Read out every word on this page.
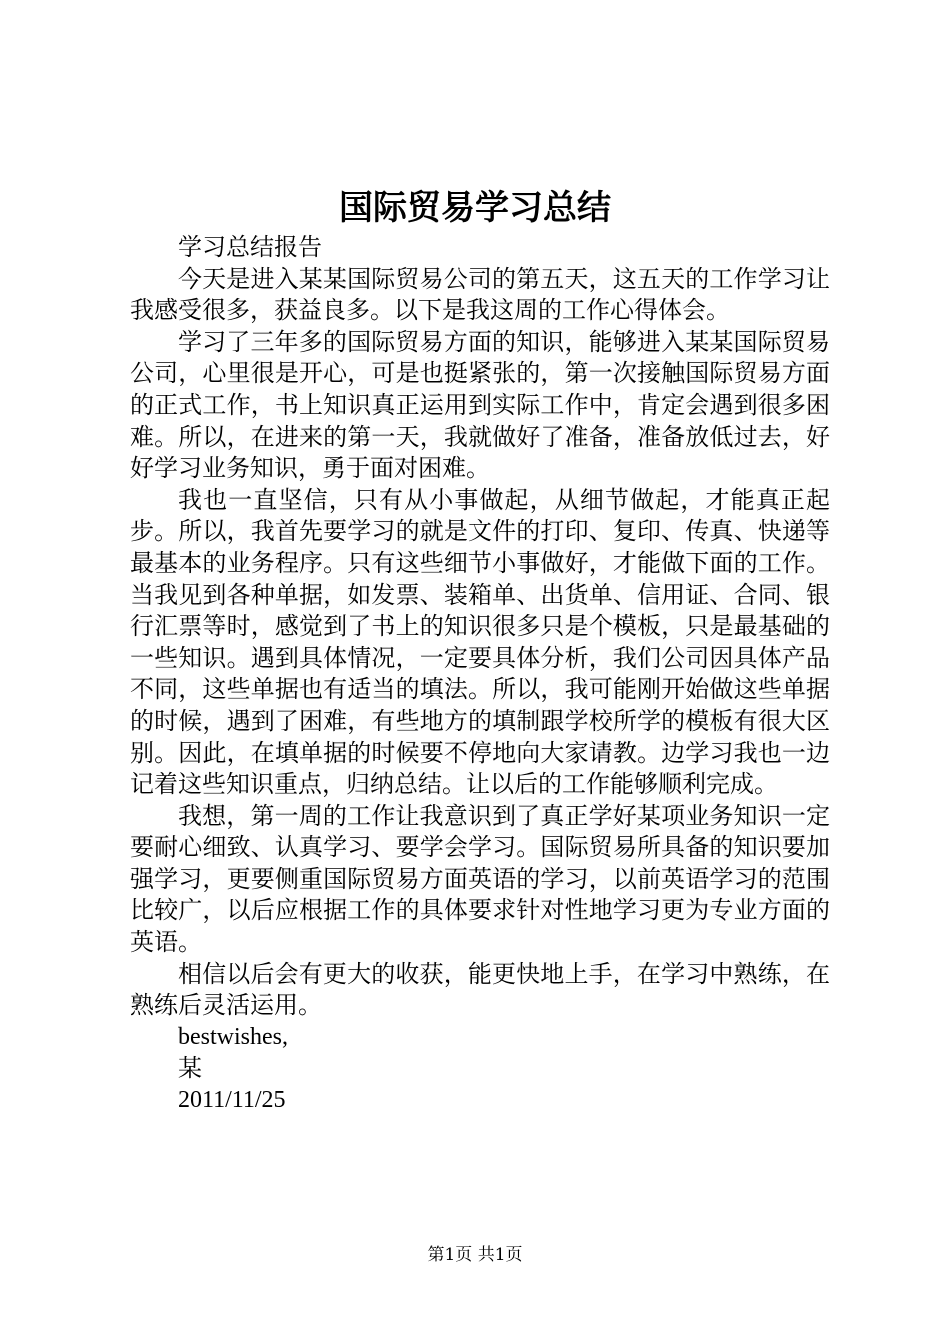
国际贸易学习总结

学习总结报告

今天是进入某某国际贸易公司的第五天，这五天的工作学习让我感受很多，获益良多。以下是我这周的工作心得体会。

学习了三年多的国际贸易方面的知识，能够进入某某国际贸易公司，心里很是开心，可是也挺紧张的，第一次接触国际贸易方面的正式工作，书上知识真正运用到实际工作中，肯定会遇到很多困难。所以，在进来的第一天，我就做好了准备，准备放低过去，好好学习业务知识，勇于面对困难。

我也一直坚信，只有从小事做起，从细节做起，才能真正起步。所以，我首先要学习的就是文件的打印、复印、传真、快递等最基本的业务程序。只有这些细节小事做好，才能做下面的工作。当我见到各种单据，如发票、装箱单、出货单、信用证、合同、银行汇票等时，感觉到了书上的知识很多只是个模板，只是最基础的一些知识。遇到具体情况，一定要具体分析，我们公司因具体产品不同，这些单据也有适当的填法。所以，我可能刚开始做这些单据的时候，遇到了困难，有些地方的填制跟学校所学的模板有很大区别。因此，在填单据的时候要不停地向大家请教。边学习我也一边记着这些知识重点，归纳总结。让以后的工作能够顺利完成。

我想，第一周的工作让我意识到了真正学好某项业务知识一定要耐心细致、认真学习、要学会学习。国际贸易所具备的知识要加强学习，更要侧重国际贸易方面英语的学习，以前英语学习的范围比较广，以后应根据工作的具体要求针对性地学习更为专业方面的英语。

相信以后会有更大的收获，能更快地上手，在学习中熟练，在熟练后灵活运用。

bestwishes,

某

2011/11/25

第1页 共1页
